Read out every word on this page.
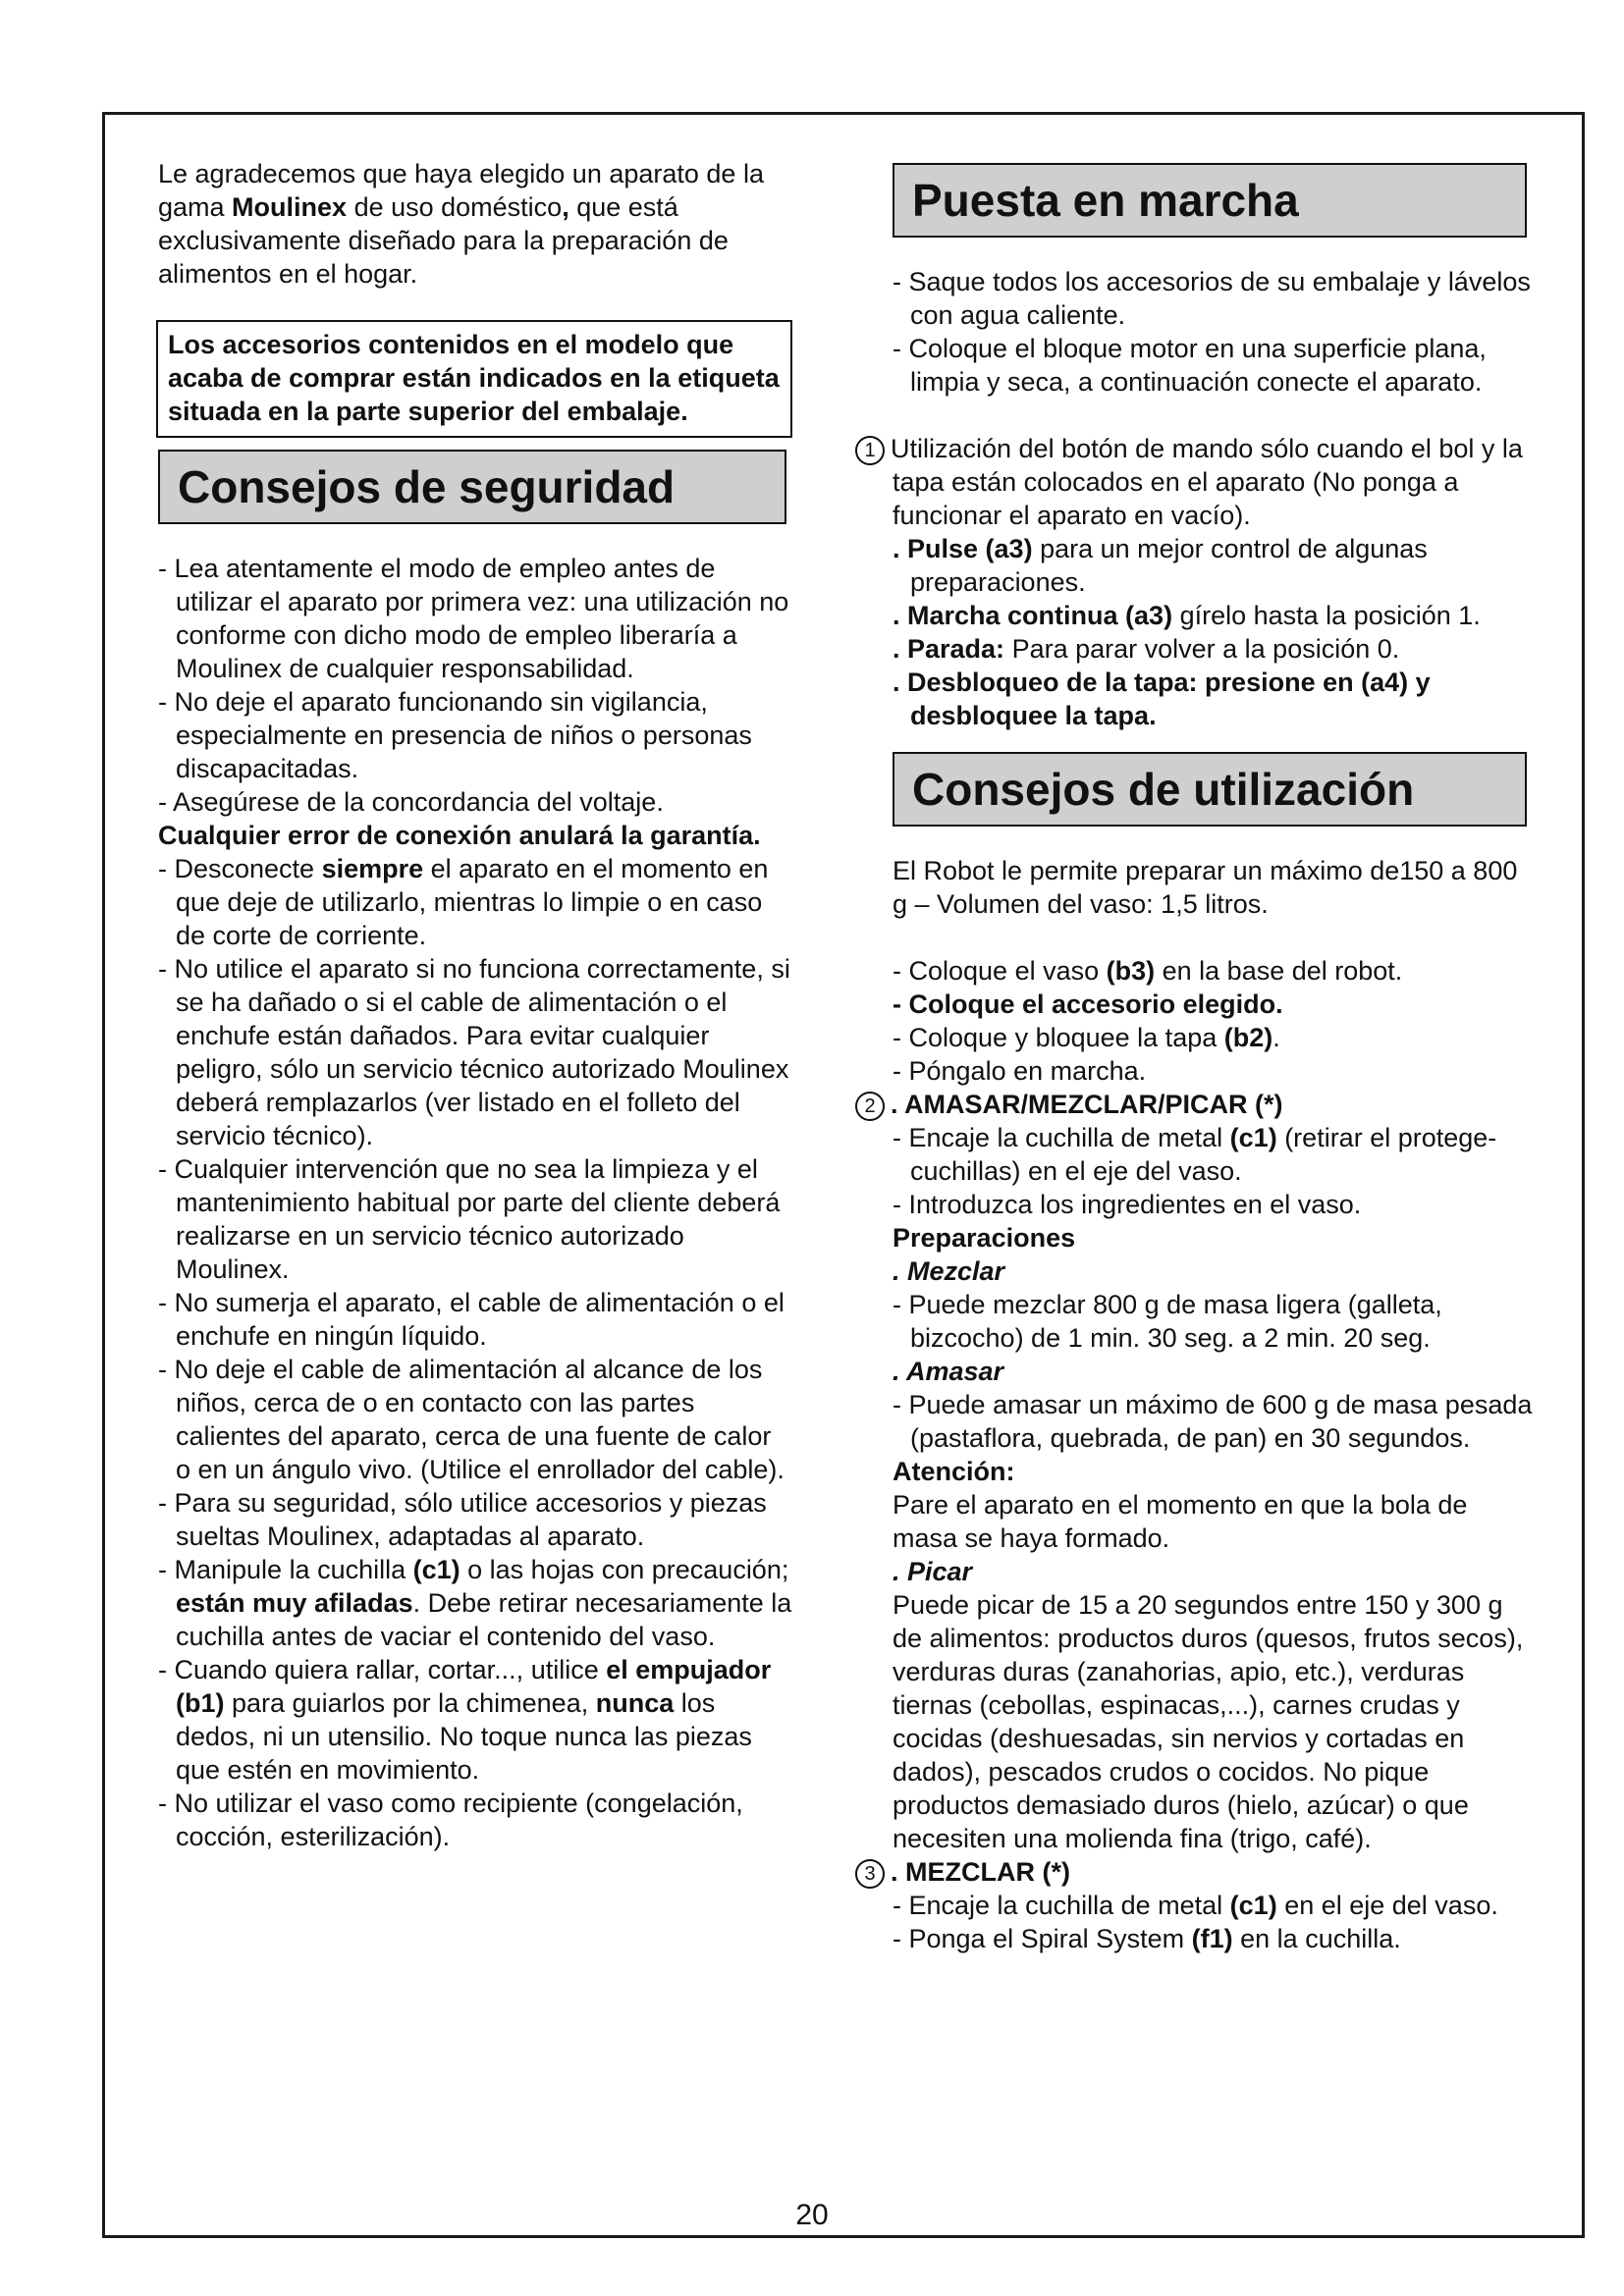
Le agradecemos que haya elegido un aparato de la gama Moulinex de uso doméstico, que está exclusivamente diseñado para la preparación de alimentos en el hogar.

Los accesorios contenidos en el modelo que acaba de comprar están indicados en la etiqueta situada en la parte superior del embalaje.
Consejos de seguridad

- Lea atentamente el modo de empleo antes de utilizar el aparato por primera vez: una utilización no conforme con dicho modo de empleo liberaría a Moulinex de cualquier responsabilidad.

- No deje el aparato funcionando sin vigilancia, especialmente en presencia de niños o personas discapacitadas.

- Asegúrese de la concordancia del voltaje.

Cualquier error de conexión anulará la garantía.

- Desconecte siempre el aparato en el momento en que deje de utilizarlo, mientras lo limpie o en caso de corte de corriente.

- No utilice el aparato si no funciona correctamente, si se ha dañado o si el cable de alimentación o el enchufe están dañados. Para evitar cualquier peligro, sólo un servicio técnico autorizado Moulinex deberá remplazarlos (ver listado en el folleto del servicio técnico).

- Cualquier intervención que no sea la limpieza y el mantenimiento habitual por parte del cliente deberá realizarse en un servicio técnico autorizado Moulinex.

- No sumerja el aparato, el cable de alimentación o el enchufe en ningún líquido.

- No deje el cable de alimentación al alcance de los niños, cerca de o en contacto con las partes calientes del aparato, cerca de una fuente de calor o en un ángulo vivo. (Utilice el enrollador del cable).

- Para su seguridad, sólo utilice accesorios y piezas sueltas Moulinex, adaptadas al aparato.

- Manipule la cuchilla (c1) o las hojas con precaución; están muy afiladas. Debe retirar necesariamente la cuchilla antes de vaciar el contenido del vaso.

- Cuando quiera rallar, cortar..., utilice el empujador (b1) para guiarlos por la chimenea, nunca los dedos, ni un utensilio. No toque nunca las piezas que estén en movimiento.

- No utilizar el vaso como recipiente (congelación, cocción, esterilización).

Puesta en marcha

- Saque todos los accesorios de su embalaje y lávelos con agua caliente.

- Coloque el bloque motor en una superficie plana, limpia y seca, a continuación conecte el aparato.

1 Utilización del botón de mando sólo cuando el bol y la tapa están colocados en el aparato (No ponga a funcionar el aparato en vacío).

. Pulse (a3) para un mejor control de algunas preparaciones.

. Marcha continua (a3) gírelo hasta la posición 1.

. Parada: Para parar volver a la posición 0.

. Desbloqueo de la tapa: presione en (a4) y desbloquee la tapa.

Consejos de utilización

El Robot le permite preparar un máximo de150 a 800 g – Volumen del vaso: 1,5 litros.

- Coloque el vaso (b3) en la base del robot.

- Coloque el accesorio elegido.

- Coloque y bloquee la tapa (b2).

- Póngalo en marcha.

2 . AMASAR/MEZCLAR/PICAR (*)

- Encaje la cuchilla de metal (c1) (retirar el protege-cuchillas) en el eje del vaso.

- Introduzca los ingredientes en el vaso.

Preparaciones

. Mezclar

- Puede mezclar 800 g de masa ligera (galleta, bizcocho) de 1 min. 30 seg. a 2 min. 20 seg.

. Amasar

- Puede amasar un máximo de 600 g de masa pesada (pastaflora, quebrada, de pan) en 30 segundos.

Atención:

Pare el aparato en el momento en que la bola de masa se haya formado.

. Picar

Puede picar de 15 a 20 segundos entre 150 y 300 g de alimentos: productos duros (quesos, frutos secos), verduras duras (zanahorias, apio, etc.), verduras tiernas (cebollas, espinacas,...), carnes crudas y cocidas (deshuesadas, sin nervios y cortadas en dados), pescados crudos o cocidos. No pique productos demasiado duros (hielo, azúcar) o que necesiten una molienda fina (trigo, café).

3 . MEZCLAR (*)

- Encaje la cuchilla de metal (c1) en el eje del vaso.

- Ponga el Spiral System (f1) en la cuchilla.

20
